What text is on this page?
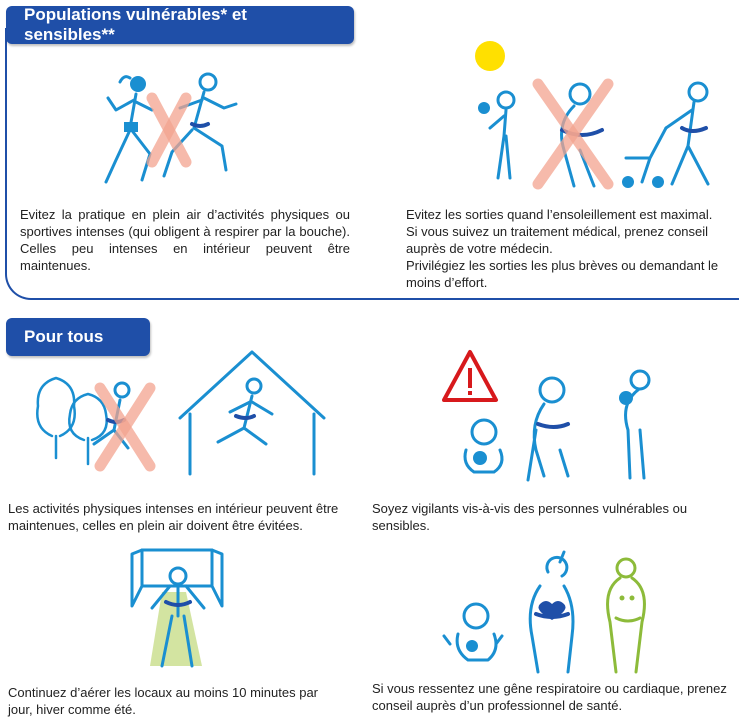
Populations vulnérables* et sensibles**
Evitez la pratique en plein air d’activités physiques ou sportives intenses (qui obligent à respirer par la bouche). Celles peu intenses en intérieur peuvent être maintenues.
Evitez les sorties quand l’ensoleillement est maximal.
Si vous suivez un traitement médical, prenez conseil auprès de votre médecin.
Privilégiez les sorties les plus brèves ou demandant le moins d’effort.
Pour tous
Les activités physiques intenses en intérieur peuvent être maintenues, celles en plein air doivent être évitées.
Soyez vigilants vis-à-vis des personnes vulnérables ou sensibles.
Continuez d’aérer les locaux au moins 10 minutes par jour, hiver comme été.
Si vous ressentez une gêne respiratoire ou cardiaque, prenez conseil auprès d’un professionnel de santé.
